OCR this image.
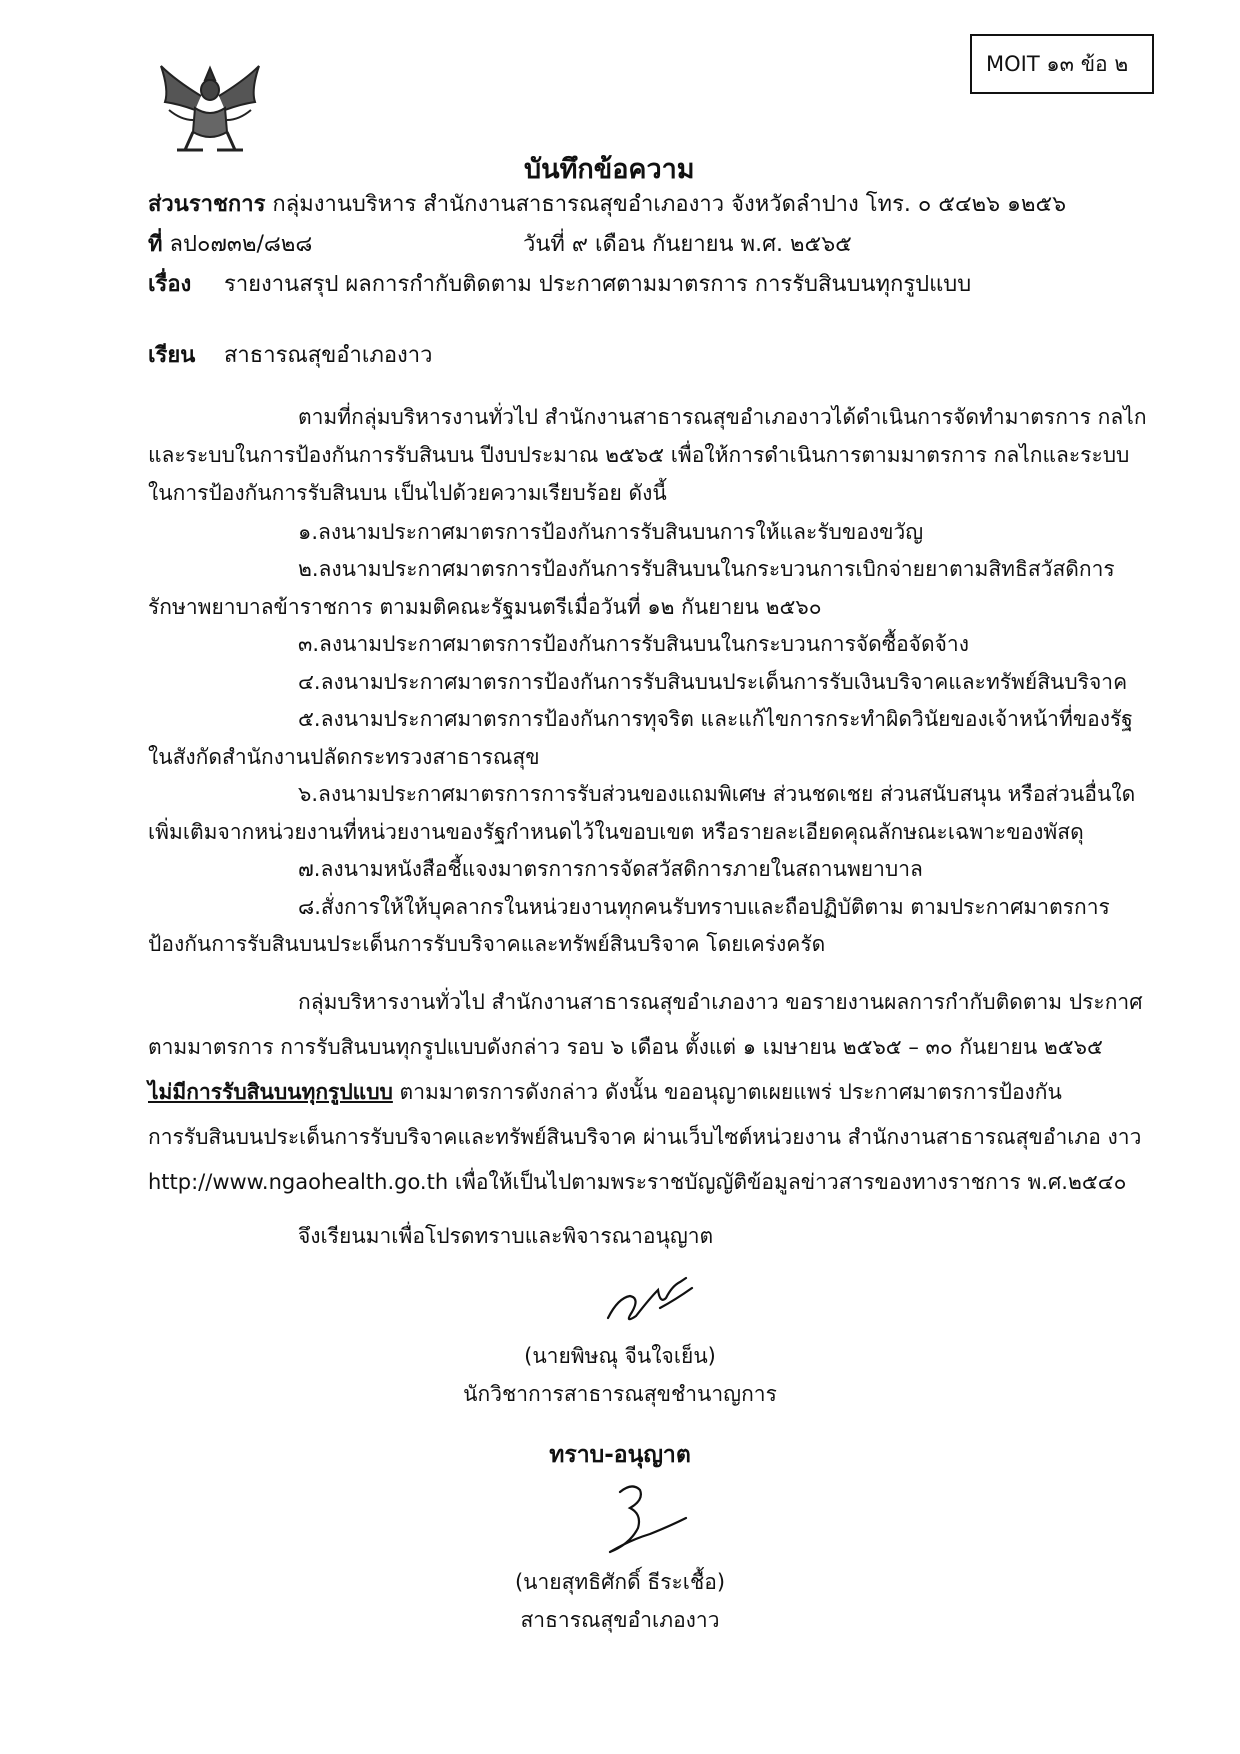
MOIT ๑๓ ข้อ ๒
บันทึกข้อความ
ส่วนราชการ กลุ่มงานบริหาร สำนักงานสาธารณสุขอำเภองาว จังหวัดลำปาง โทร. ๐ ๕๔๒๖ ๑๒๕๖
ที่ ลป๐๗๓๒/๘๒๘	วันที่ ๙ เดือน กันยายน พ.ศ. ๒๕๖๕
เรื่อง รายงานสรุป ผลการกำกับติดตาม ประกาศตามมาตรการ การรับสินบนทุกรูปแบบ
เรียน สาธารณสุขอำเภองาว
ตามที่กลุ่มบริหารงานทั่วไป สำนักงานสาธารณสุขอำเภองาวได้ดำเนินการจัดทำมาตรการ กลไก
และระบบในการป้องกันการรับสินบน ปีงบประมาณ ๒๕๖๕ เพื่อให้การดำเนินการตามมาตรการ กลไกและระบบ
ในการป้องกันการรับสินบน เป็นไปด้วยความเรียบร้อย ดังนี้
๑.ลงนามประกาศมาตรการป้องกันการรับสินบนการให้และรับของขวัญ
๒.ลงนามประกาศมาตรการป้องกันการรับสินบนในกระบวนการเบิกจ่ายยาตามสิทธิสวัสดิการ
รักษาพยาบาลข้าราชการ ตามมติคณะรัฐมนตรีเมื่อวันที่ ๑๒ กันยายน ๒๕๖๐
๓.ลงนามประกาศมาตรการป้องกันการรับสินบนในกระบวนการจัดซื้อจัดจ้าง
๔.ลงนามประกาศมาตรการป้องกันการรับสินบนประเด็นการรับเงินบริจาคและทรัพย์สินบริจาค
๕.ลงนามประกาศมาตรการป้องกันการทุจริต และแก้ไขการกระทำผิดวินัยของเจ้าหน้าที่ของรัฐ
ในสังกัดสำนักงานปลัดกระทรวงสาธารณสุข
๖.ลงนามประกาศมาตรการการรับส่วนของแถมพิเศษ ส่วนชดเชย ส่วนสนับสนุน หรือส่วนอื่นใด
เพิ่มเติมจากหน่วยงานที่หน่วยงานของรัฐกำหนดไว้ในขอบเขต หรือรายละเอียดคุณลักษณะเฉพาะของพัสดุ
๗.ลงนามหนังสือชี้แจงมาตรการการจัดสวัสดิการภายในสถานพยาบาล
๘.สั่งการให้ให้บุคลากรในหน่วยงานทุกคนรับทราบและถือปฏิบัติตาม ตามประกาศมาตรการ
ป้องกันการรับสินบนประเด็นการรับบริจาคและทรัพย์สินบริจาค โดยเคร่งครัด
กลุ่มบริหารงานทั่วไป สำนักงานสาธารณสุขอำเภองาว ขอรายงานผลการกำกับติดตาม ประกาศ
ตามมาตรการ การรับสินบนทุกรูปแบบดังกล่าว รอบ ๖ เดือน ตั้งแต่ ๑ เมษายน ๒๕๖๕ – ๓๐ กันยายน ๒๕๖๕
ไม่มีการรับสินบนทุกรูปแบบ ตามมาตรการดังกล่าว ดังนั้น ขออนุญาตเผยแพร่ ประกาศมาตรการป้องกัน
การรับสินบนประเด็นการรับบริจาคและทรัพย์สินบริจาค ผ่านเว็บไซต์หน่วยงาน สำนักงานสาธารณสุขอำเภอ งาว
http://www.ngaohealth.go.th เพื่อให้เป็นไปตามพระราชบัญญัติข้อมูลข่าวสารของทางราชการ พ.ศ.๒๕๔๐
จึงเรียนมาเพื่อโปรดทราบและพิจารณาอนุญาต
(นายพิษณุ จีนใจเย็น)
นักวิชาการสาธารณสุขชำนาญการ
ทราบ-อนุญาต
(นายสุทธิศักดิ์ ธีระเชื้อ)
สาธารณสุขอำเภองาว
